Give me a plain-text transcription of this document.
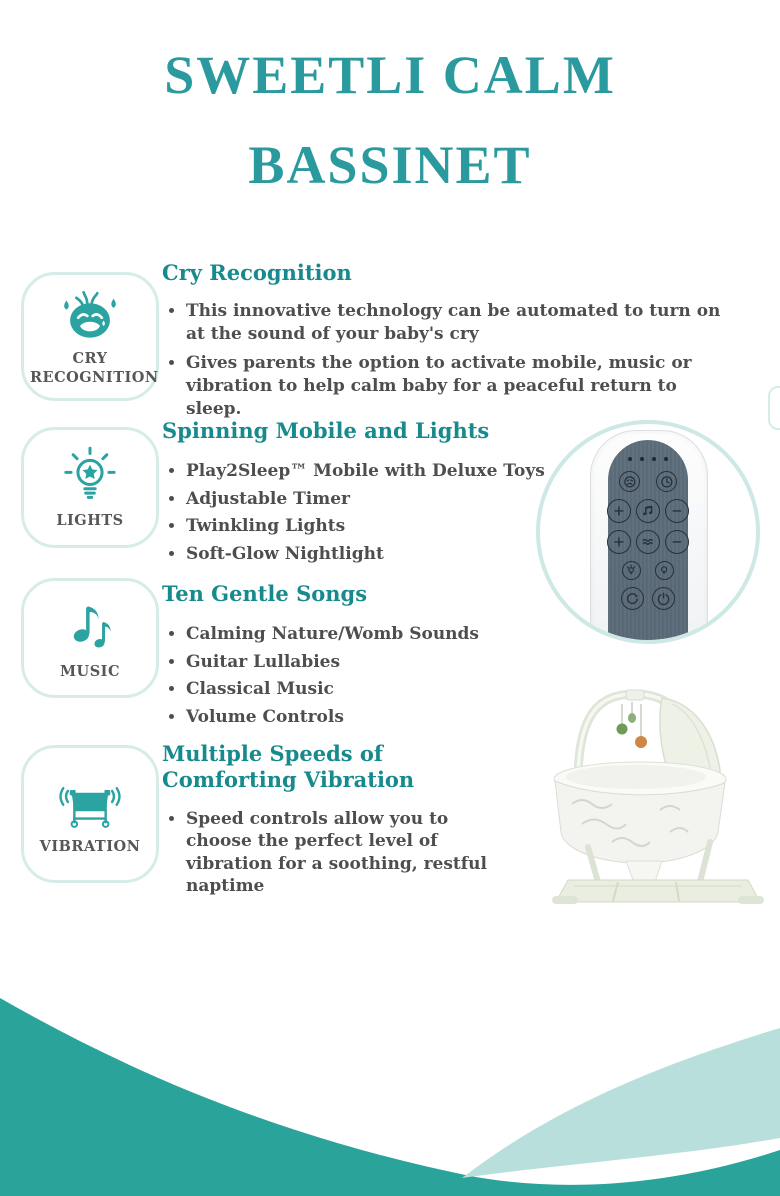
SWEETLI CALM
BASSINET
CRY RECOGNITION
LIGHTS
MUSIC
VIBRATION
Cry Recognition
• This innovative technology can be automated to turn on at the sound of your baby's cry
• Gives parents the option to activate mobile, music or vibration to help calm baby for a peaceful return to sleep.
Spinning Mobile and Lights
• Play2Sleep™ Mobile with Deluxe Toys
• Adjustable Timer
• Twinkling Lights
• Soft-Glow Nightlight
Ten Gentle Songs
• Calming Nature/Womb Sounds
• Guitar Lullabies
• Classical Music
• Volume Controls
Multiple Speeds of Comforting Vibration
• Speed controls allow you to choose the perfect level of vibration for a soothing, restful naptime
